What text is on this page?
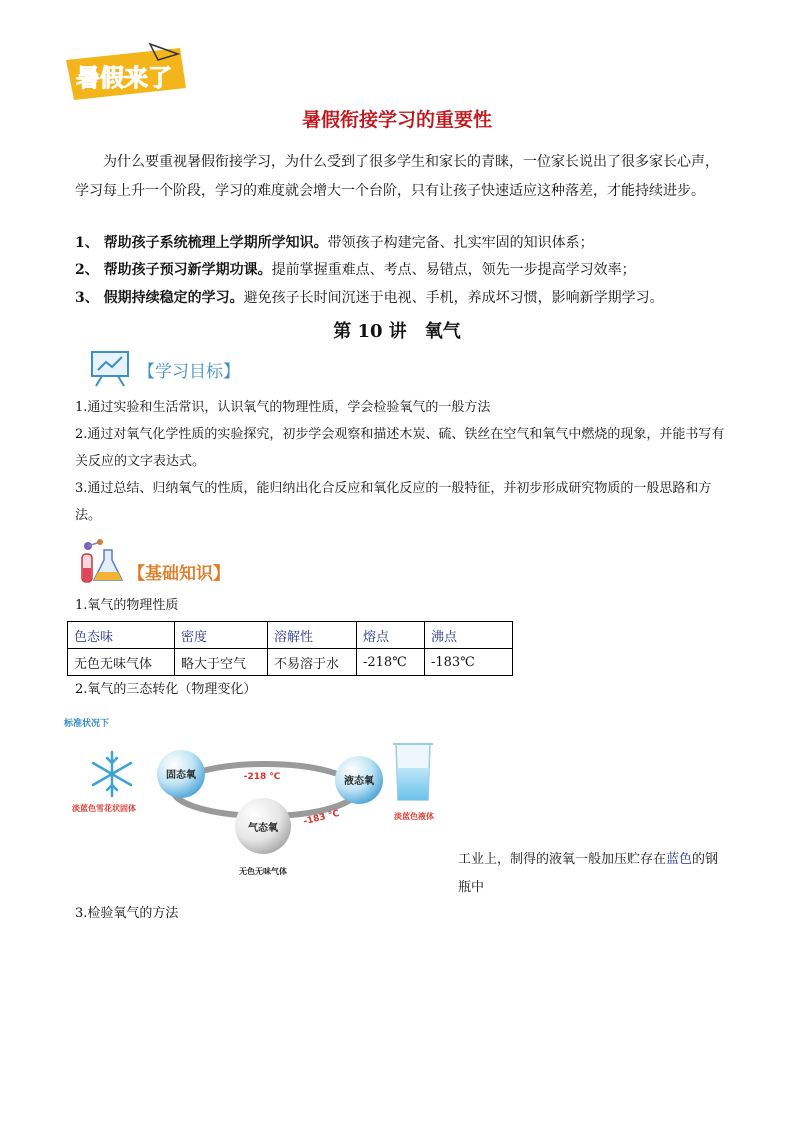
暑假来了
暑假衔接学习的重要性
为什么要重视暑假衔接学习，为什么受到了很多学生和家长的青睐，一位家长说出了很多家长心声，学习每上升一个阶段，学习的难度就会增大一个台阶，只有让孩子快速适应这种落差，才能持续进步。
1、 帮助孩子系统梳理上学期所学知识。带领孩子构建完备、扎实牢固的知识体系；
2、 帮助孩子预习新学期功课。提前掌握重难点、考点、易错点，领先一步提高学习效率；
3、 假期持续稳定的学习。避免孩子长时间沉迷于电视、手机，养成坏习惯，影响新学期学习。
第 10 讲　氧气
【学习目标】
1.通过实验和生活常识，认识氧气的物理性质，学会检验氧气的一般方法
2.通过对氧气化学性质的实验探究，初步学会观察和描述木炭、硫、铁丝在空气和氧气中燃烧的现象，并能书写有关反应的文字表达式。
3.通过总结、归纳氧气的性质，能归纳出化合反应和氧化反应的一般特征，并初步形成研究物质的一般思路和方法。
【基础知识】
1.氧气的物理性质
色态味	密度	溶解性	熔点	沸点
无色无味气体	略大于空气	不易溶于水	-218℃	-183℃
2.氧气的三态转化（物理变化）
标准状况下
淡蓝色雪花状固体
固态氧
液态氧
气态氧
无色无味气体
-218 ℃
-183 ℃	淡蓝色液体
工业上，制得的液氧一般加压贮存在蓝色的钢瓶中
3.检验氧气的方法
